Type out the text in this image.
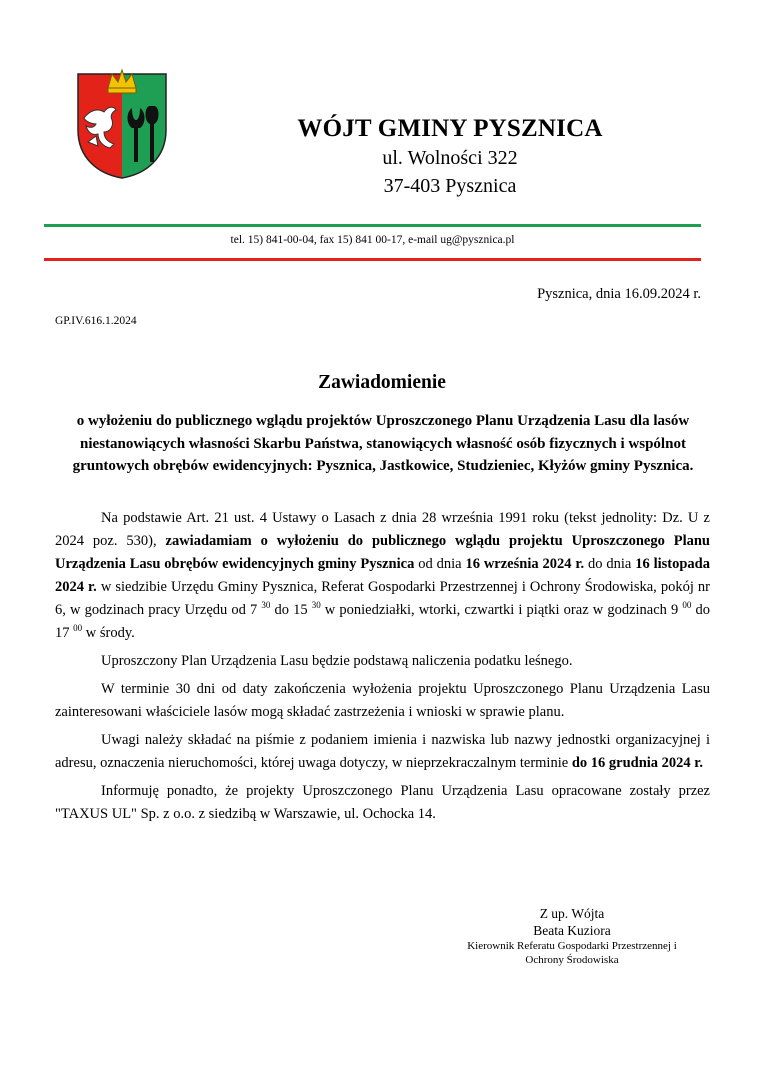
WÓJT GMINY PYSZNICA
ul. Wolności 322
37-403 Pysznica
tel. 15) 841-00-04, fax 15) 841 00-17, e-mail ug@pysznica.pl
Pysznica, dnia 16.09.2024 r.
GP.IV.616.1.2024
Zawiadomienie
o wyłożeniu do publicznego wglądu projektów Uproszczonego Planu Urządzenia Lasu dla lasów niestanowiących własności Skarbu Państwa, stanowiących własność osób fizycznych i wspólnot gruntowych obrębów ewidencyjnych: Pysznica, Jastkowice, Studzieniec, Kłyżów gminy Pysznica.

Na podstawie Art. 21 ust. 4 Ustawy o Lasach z dnia 28 września 1991 roku (tekst jednolity: Dz. U z 2024 poz. 530), zawiadamiam o wyłożeniu do publicznego wglądu projektu Uproszczonego Planu Urządzenia Lasu obrębów ewidencyjnych gminy Pysznica od dnia 16 września 2024 r. do dnia 16 listopada 2024 r. w siedzibie Urzędu Gminy Pysznica, Referat Gospodarki Przestrzennej i Ochrony Środowiska, pokój nr 6, w godzinach pracy Urzędu od 7 $^{30}$ do 15 $^{30}$ w poniedziałki, wtorki, czwartki i piątki oraz w godzinach 9 $^{00}$ do 17 $^{00}$ w środy.

Uproszczony Plan Urządzenia Lasu będzie podstawą naliczenia podatku leśnego.

W terminie 30 dni od daty zakończenia wyłożenia projektu Uproszczonego Planu Urządzenia Lasu zainteresowani właściciele lasów mogą składać zastrzeżenia i wnioski w sprawie planu.

Uwagi należy składać na piśmie z podaniem imienia i nazwiska lub nazwy jednostki organizacyjnej i adresu, oznaczenia nieruchomości, której uwaga dotyczy, w nieprzekraczalnym terminie do 16 grudnia 2024 r.

Informuję ponadto, że projekty Uproszczonego Planu Urządzenia Lasu opracowane zostały przez "TAXUS UL" Sp. z o.o. z siedzibą w Warszawie, ul. Ochocka 14.

Z up. Wójta
Beata Kuziora
Kierownik Referatu Gospodarki Przestrzennej i
Ochrony Środowiska
